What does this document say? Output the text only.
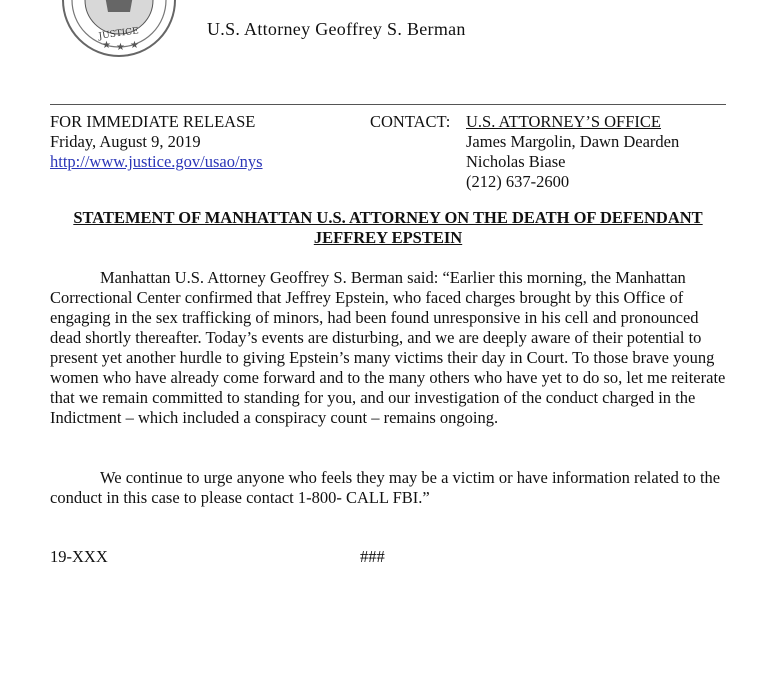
JUSTICE
★ ★ ★
U.S. Attorney Geoffrey S. Berman
FOR IMMEDIATE RELEASE
Friday, August 9, 2019
http://www.justice.gov/usao/nys
CONTACT: U.S. ATTORNEY’S OFFICE
James Margolin, Dawn Dearden
Nicholas Biase
(212) 637-2600
STATEMENT OF MANHATTAN U.S. ATTORNEY ON THE DEATH OF DEFENDANT
JEFFREY EPSTEIN
Manhattan U.S. Attorney Geoffrey S. Berman said: “Earlier this morning, the Manhattan Correctional Center confirmed that Jeffrey Epstein, who faced charges brought by this Office of engaging in the sex trafficking of minors, had been found unresponsive in his cell and pronounced dead shortly thereafter. Today’s events are disturbing, and we are deeply aware of their potential to present yet another hurdle to giving Epstein’s many victims their day in Court. To those brave young women who have already come forward and to the many others who have yet to do so, let me reiterate that we remain committed to standing for you, and our investigation of the conduct charged in the Indictment – which included a conspiracy count – remains ongoing.
We continue to urge anyone who feels they may be a victim or have information related to the conduct in this case to please contact 1-800- CALL FBI.”
19-XXX	###
